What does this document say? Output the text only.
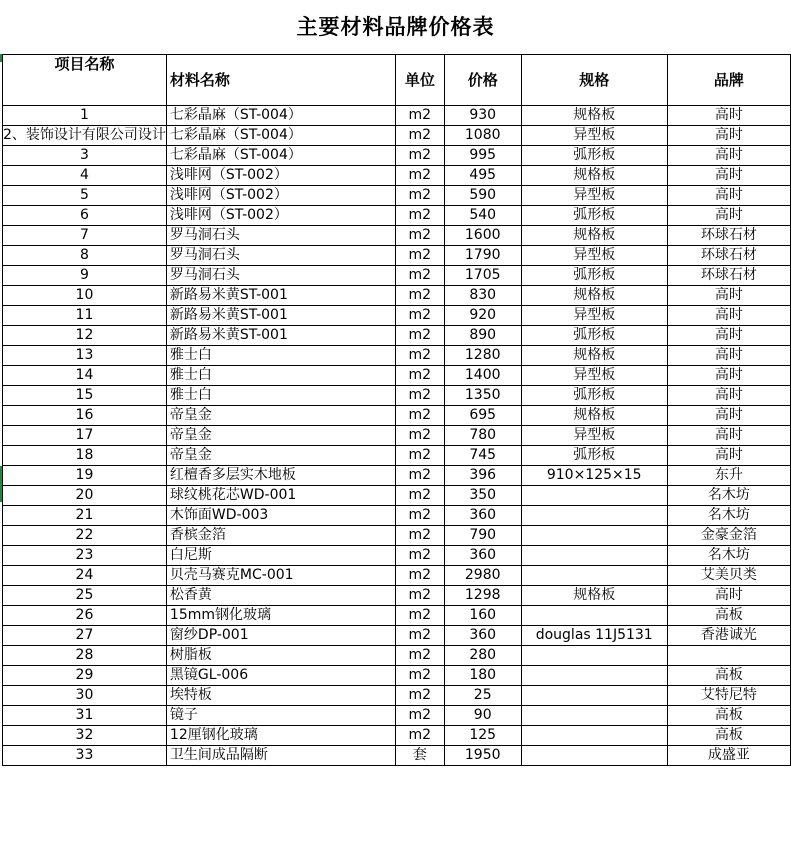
主要材料品牌价格表
项目名称	材料名称	单位	价格	规格	品牌
1	七彩晶麻（ST-004）	m2	930	规格板	高时
2、装饰设计有限公司设计	七彩晶麻（ST-004）	m2	1080	异型板	高时
3	七彩晶麻（ST-004）	m2	995	弧形板	高时
4	浅啡网（ST-002）	m2	495	规格板	高时
5	浅啡网（ST-002）	m2	590	异型板	高时
6	浅啡网（ST-002）	m2	540	弧形板	高时
7	罗马洞石头	m2	1600	规格板	环球石材
8	罗马洞石头	m2	1790	异型板	环球石材
9	罗马洞石头	m2	1705	弧形板	环球石材
10	新路易米黄ST-001	m2	830	规格板	高时
11	新路易米黄ST-001	m2	920	异型板	高时
12	新路易米黄ST-001	m2	890	弧形板	高时
13	雅士白	m2	1280	规格板	高时
14	雅士白	m2	1400	异型板	高时
15	雅士白	m2	1350	弧形板	高时
16	帝皇金	m2	695	规格板	高时
17	帝皇金	m2	780	异型板	高时
18	帝皇金	m2	745	弧形板	高时
19	红檀香多层实木地板	m2	396	910×125×15	东升
20	球纹桃花芯WD-001	m2	350		名木坊
21	木饰面WD-003	m2	360		名木坊
22	香槟金箔	m2	790		金豪金箔
23	白尼斯	m2	360		名木坊
24	贝壳马赛克MC-001	m2	2980		艾美贝类
25	松香黄	m2	1298	规格板	高时
26	15mm钢化玻璃	m2	160		高板
27	窗纱DP-001	m2	360	douglas 11J5131	香港诚光
28	树脂板	m2	280		
29	黑镜GL-006	m2	180		高板
30	埃特板	m2	25		艾特尼特
31	镜子	m2	90		高板
32	12厘钢化玻璃	m2	125		高板
33	卫生间成品隔断	套	1950		成盛亚
